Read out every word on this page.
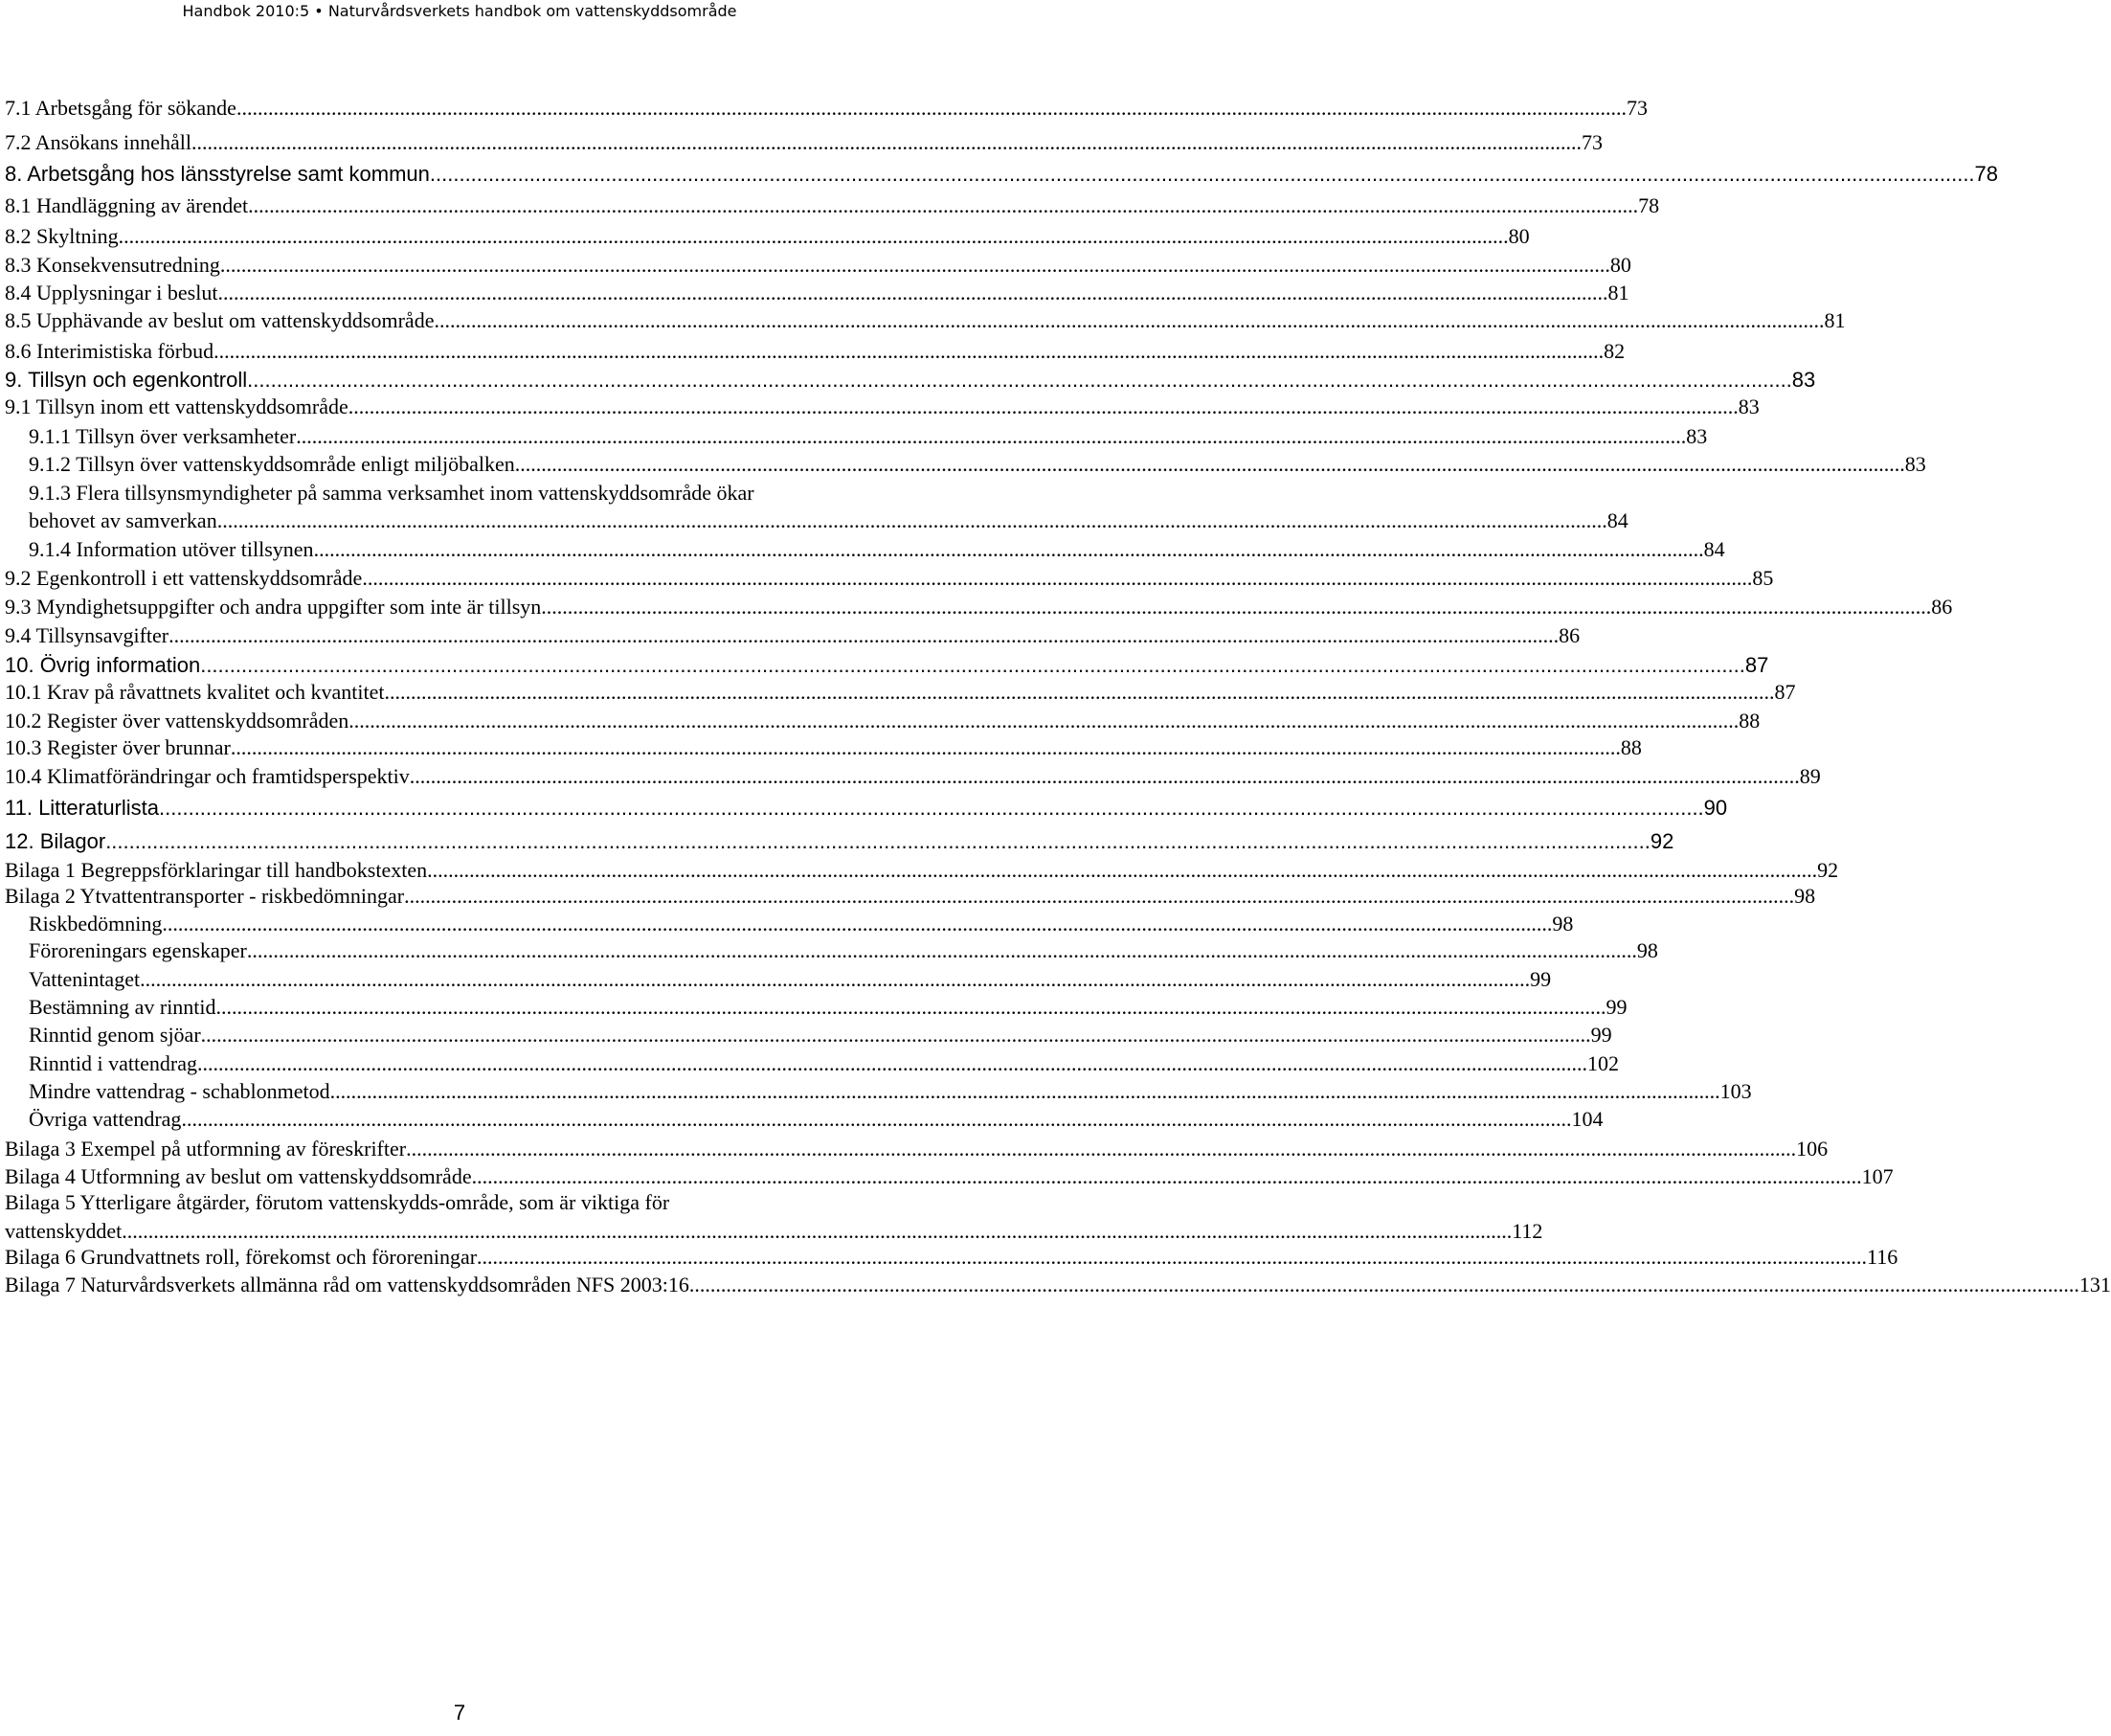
Handbok 2010:5 • Naturvårdsverkets handbok om vattenskyddsområde
7.1 Arbetsgång för sökande .....	73
7.2 Ansökans innehåll .....	73
8. Arbetsgång hos länsstyrelse samt kommun .....	78
8.1 Handläggning av ärendet .....	78
8.2 Skyltning .....	80
8.3 Konsekvensutredning .....	80
8.4 Upplysningar i beslut .....	81
8.5 Upphävande av beslut om vattenskyddsområde .....	81
8.6 Interimistiska förbud .....	82
9. Tillsyn och egenkontroll .....	83
9.1 Tillsyn inom ett vattenskyddsområde .....	83
9.1.1 Tillsyn över verksamheter .....	83
9.1.2 Tillsyn över vattenskyddsområde enligt miljöbalken .....	83
9.1.3 Flera tillsynsmyndigheter på samma verksamhet inom vattenskyddsområde ökar
behovet av samverkan .....	84
9.1.4 Information utöver tillsynen .....	84
9.2 Egenkontroll i ett vattenskyddsområde .....	85
9.3 Myndighetsuppgifter och andra uppgifter som inte är tillsyn .....	86
9.4 Tillsynsavgifter .....	86
10. Övrig information .....	87
10.1 Krav på råvattnets kvalitet och kvantitet .....	87
10.2 Register över vattenskyddsområden .....	88
10.3 Register över brunnar .....	88
10.4 Klimatförändringar och framtidsperspektiv .....	89
11. Litteraturlista .....	90
12. Bilagor .....	92
Bilaga 1 Begreppsförklaringar till handbokstexten .....	92
Bilaga 2 Ytvattentransporter - riskbedömningar .....	98
Riskbedömning .....	98
Föroreningars egenskaper .....	98
Vattenintaget .....	99
Bestämning av rinntid .....	99
Rinntid genom sjöar .....	99
Rinntid i vattendrag .....	102
Mindre vattendrag - schablonmetod .....	103
Övriga vattendrag .....	104
Bilaga 3 Exempel på utformning av föreskrifter .....	106
Bilaga 4 Utformning av beslut om vattenskyddsområde .....	107
Bilaga 5 Ytterligare åtgärder, förutom vattenskydds-område, som är viktiga för
vattenskyddet .....	112
Bilaga 6 Grundvattnets roll, förekomst och föroreningar .....	116
Bilaga 7 Naturvårdsverkets allmänna råd om vattenskyddsområden NFS 2003:16 .....	131
7
